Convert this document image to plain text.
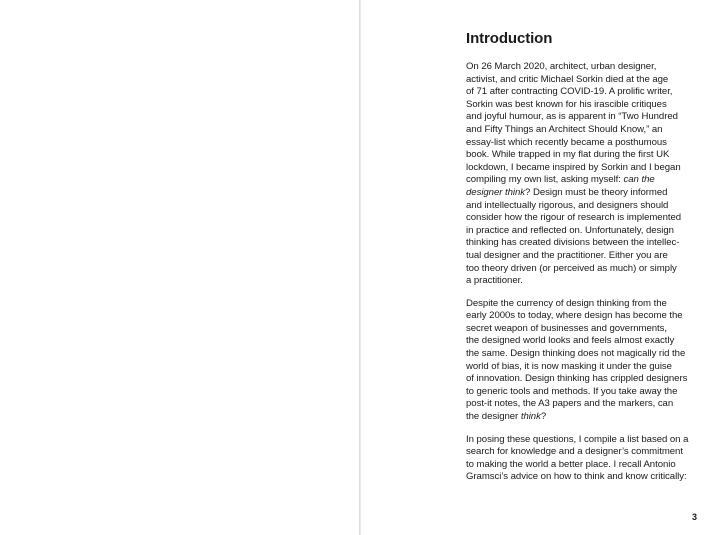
Introduction

On 26 March 2020, architect, urban designer,
activist, and critic Michael Sorkin died at the age
of 71 after contracting COVID-19. A prolific writer,
Sorkin was best known for his irascible critiques
and joyful humour, as is apparent in “Two Hundred
and Fifty Things an Architect Should Know,” an
essay-list which recently became a posthumous
book. While trapped in my flat during the first UK
lockdown, I became inspired by Sorkin and I began
compiling my own list, asking myself: can the
designer think? Design must be theory informed
and intellectually rigorous, and designers should
consider how the rigour of research is implemented
in practice and reflected on. Unfortunately, design
thinking has created divisions between the intellec-
tual designer and the practitioner. Either you are
too theory driven (or perceived as much) or simply
a practitioner.

Despite the currency of design thinking from the
early 2000s to today, where design has become the
secret weapon of businesses and governments,
the designed world looks and feels almost exactly
the same. Design thinking does not magically rid the
world of bias, it is now masking it under the guise
of innovation. Design thinking has crippled designers
to generic tools and methods. If you take away the
post-it notes, the A3 papers and the markers, can
the designer think?

In posing these questions, I compile a list based on a
search for knowledge and a designer’s commitment
to making the world a better place. I recall Antonio
Gramsci’s advice on how to think and know critically:

3
